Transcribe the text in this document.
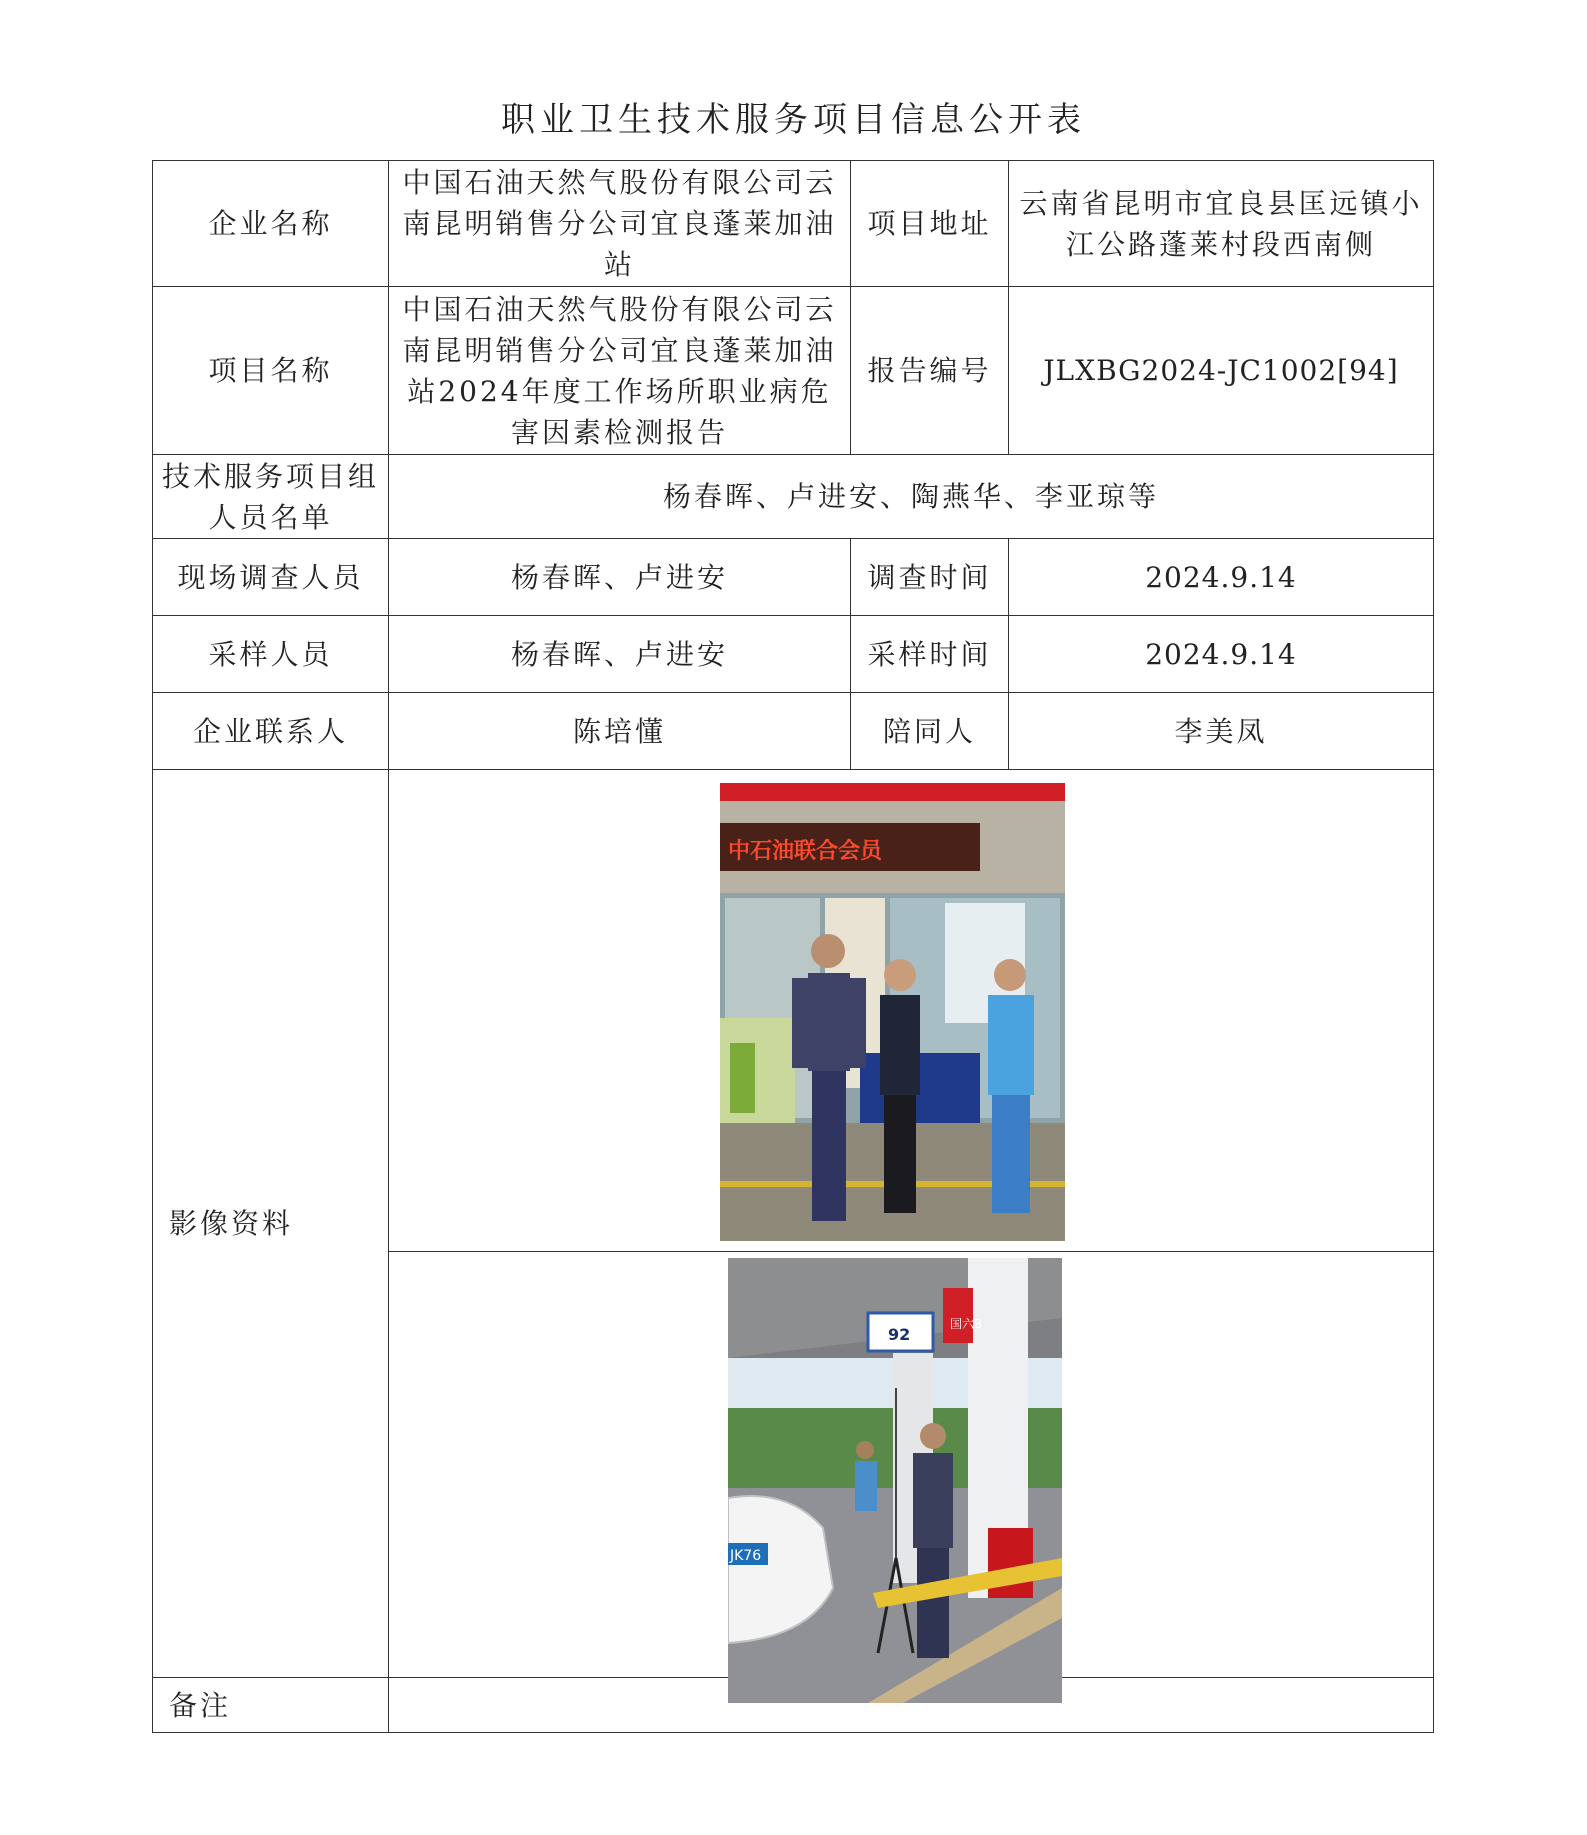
职业卫生技术服务项目信息公开表
企业名称	中国石油天然气股份有限公司云南昆明销售分公司宜良蓬莱加油站	项目地址	云南省昆明市宜良县匡远镇小江公路蓬莱村段西南侧
项目名称	中国石油天然气股份有限公司云南昆明销售分公司宜良蓬莱加油站2024年度工作场所职业病危害因素检测报告	报告编号	JLXBG2024-JC1002[94]
技术服务项目组人员名单	杨春晖、卢进安、陶燕华、李亚琼等		
现场调查人员	杨春晖、卢进安	调查时间	2024.9.14
采样人员	杨春晖、卢进安	采样时间	2024.9.14
企业联系人	陈培懂	陪同人	李美凤
影像资料			

备注			
中石油联合会员
国六B
92
JK76
